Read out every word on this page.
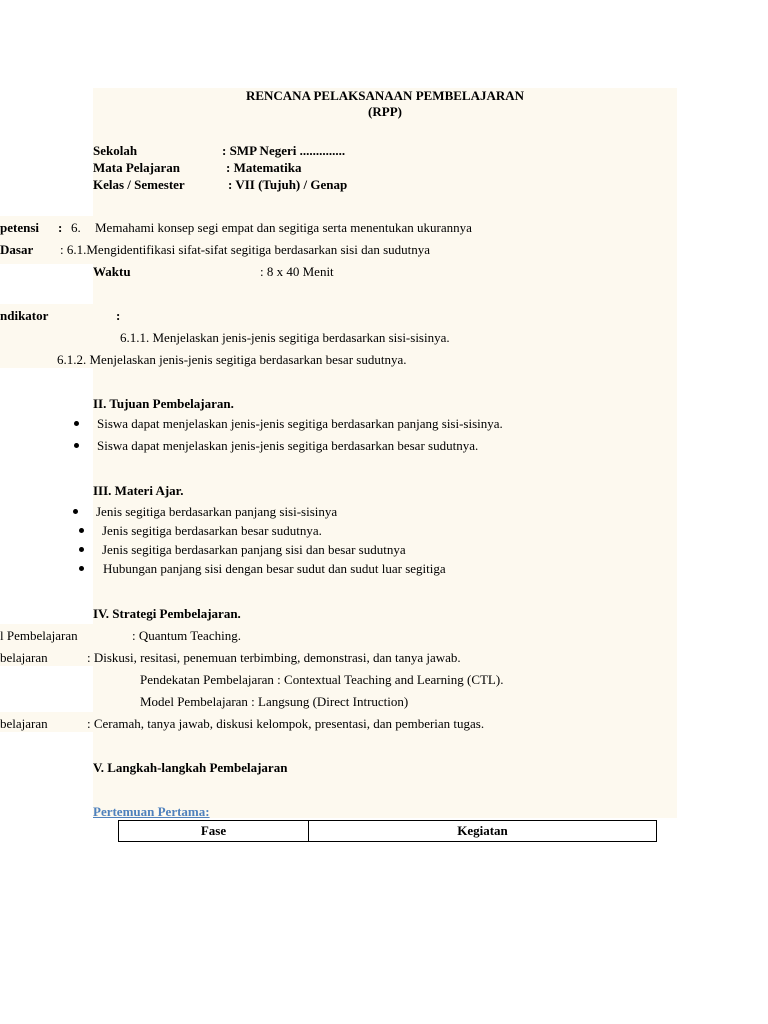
RENCANA PELAKSANAAN PEMBELAJARAN
(RPP)
Sekolah	: SMP Negeri ..............
Mata Pelajaran	: Matematika
Kelas / Semester	: VII (Tujuh) / Genap
petensi : 6. Memahami konsep segi empat dan segitiga serta menentukan ukurannya
Dasar : 6.1.Mengidentifikasi sifat-sifat segitiga berdasarkan sisi dan sudutnya
Waktu	: 8 x 40 Menit
ndikator	:
6.1.1. Menjelaskan jenis-jenis segitiga berdasarkan sisi-sisinya.
6.1.2. Menjelaskan jenis-jenis segitiga berdasarkan besar sudutnya.
II. Tujuan Pembelajaran.
Siswa dapat menjelaskan jenis-jenis segitiga berdasarkan panjang sisi-sisinya.
Siswa dapat menjelaskan jenis-jenis segitiga berdasarkan besar sudutnya.
III. Materi Ajar.
Jenis segitiga berdasarkan panjang sisi-sisinya
Jenis segitiga berdasarkan besar sudutnya.
Jenis segitiga berdasarkan panjang sisi dan besar sudutnya
Hubungan panjang sisi dengan besar sudut dan sudut luar segitiga
IV. Strategi Pembelajaran.
l Pembelajaran	: Quantum Teaching.
belajaran	: Diskusi, resitasi, penemuan terbimbing, demonstrasi, dan tanya jawab.
Pendekatan Pembelajaran : Contextual Teaching and Learning (CTL).
Model Pembelajaran : Langsung (Direct Intruction)
belajaran	: Ceramah, tanya jawab, diskusi kelompok, presentasi, dan pemberian tugas.
V. Langkah-langkah Pembelajaran
Pertemuan Pertama:
Fase	Kegiatan
